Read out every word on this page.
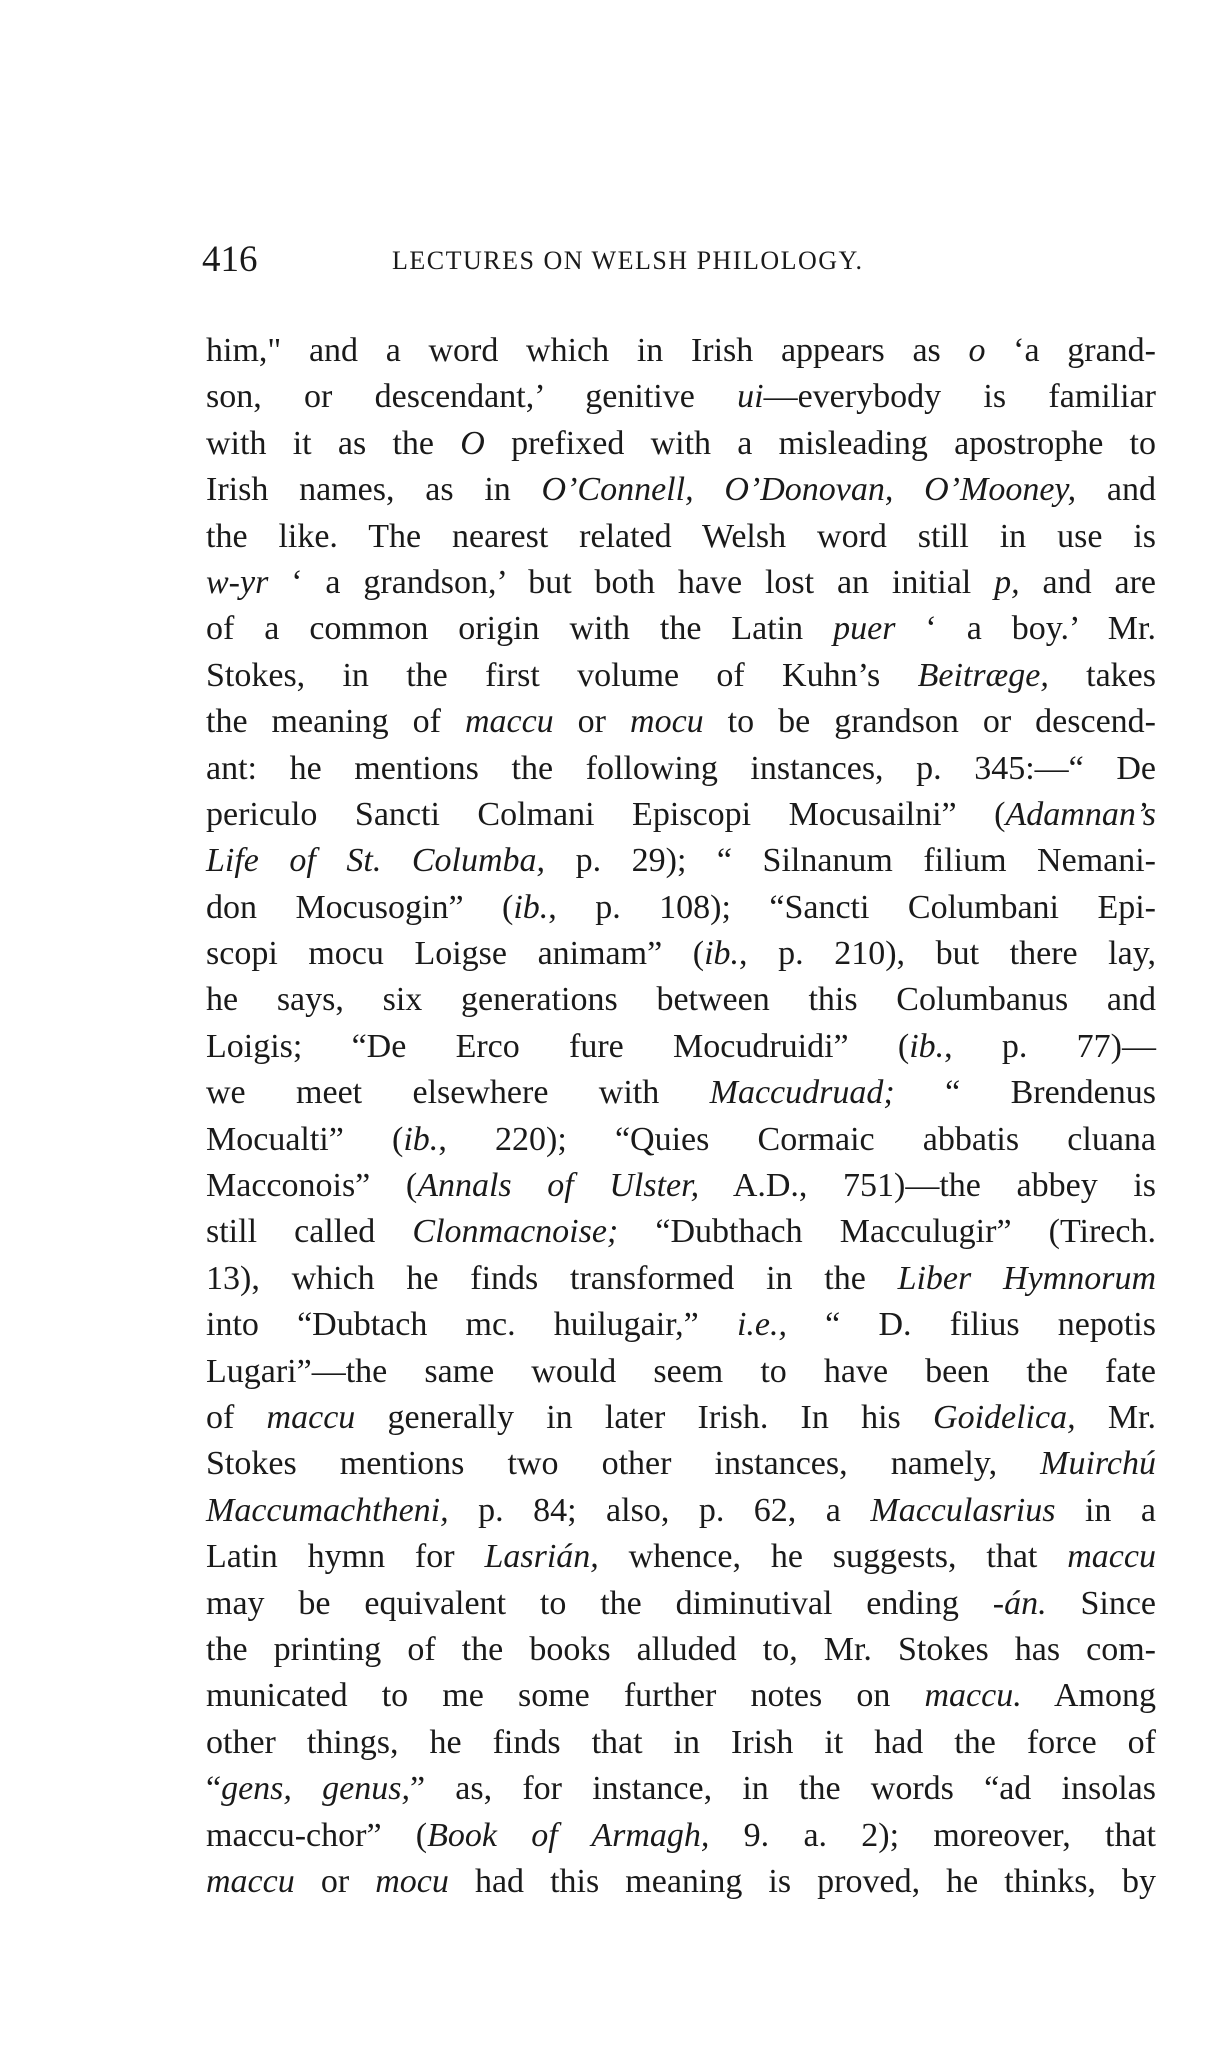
416	LECTURES ON WELSH PHILOLOGY.
him," and a word which in Irish appears as o ‘a grand-
son, or descendant,’ genitive ui—everybody is familiar
with it as the O prefixed with a misleading apostrophe to
Irish names, as in O’Connell, O’Donovan, O’Mooney, and
the like. The nearest related Welsh word still in use is
w-yr ‘ a grandson,’ but both have lost an initial p, and are
of a common origin with the Latin puer ‘ a boy.’ Mr.
Stokes, in the first volume of Kuhn’s Beitræge, takes
the meaning of maccu or mocu to be grandson or descend-
ant: he mentions the following instances, p. 345:—“ De
periculo Sancti Colmani Episcopi Mocusailni” (Adamnan’s
Life of St. Columba, p. 29); “ Silnanum filium Nemani-
don Mocusogin” (ib., p. 108); “Sancti Columbani Epi-
scopi mocu Loigse animam” (ib., p. 210), but there lay,
he says, six generations between this Columbanus and
Loigis; “De Erco fure Mocudruidi” (ib., p. 77)—
we meet elsewhere with Maccudruad; “ Brendenus
Mocualti” (ib., 220); “Quies Cormaic abbatis cluana
Macconois” (Annals of Ulster, A.D., 751)—the abbey is
still called Clonmacnoise; “Dubthach Macculugir” (Tirech.
13), which he finds transformed in the Liber Hymnorum
into “Dubtach mc. huilugair,” i.e., “ D. filius nepotis
Lugari”—the same would seem to have been the fate
of maccu generally in later Irish. In his Goidelica, Mr.
Stokes mentions two other instances, namely, Muirchú
Maccumachtheni, p. 84; also, p. 62, a Macculasrius in a
Latin hymn for Lasrián, whence, he suggests, that maccu
may be equivalent to the diminutival ending -án. Since
the printing of the books alluded to, Mr. Stokes has com-
municated to me some further notes on maccu. Among
other things, he finds that in Irish it had the force of
“gens, genus,” as, for instance, in the words “ad insolas
maccu-chor” (Book of Armagh, 9. a. 2); moreover, that
maccu or mocu had this meaning is proved, he thinks, by
